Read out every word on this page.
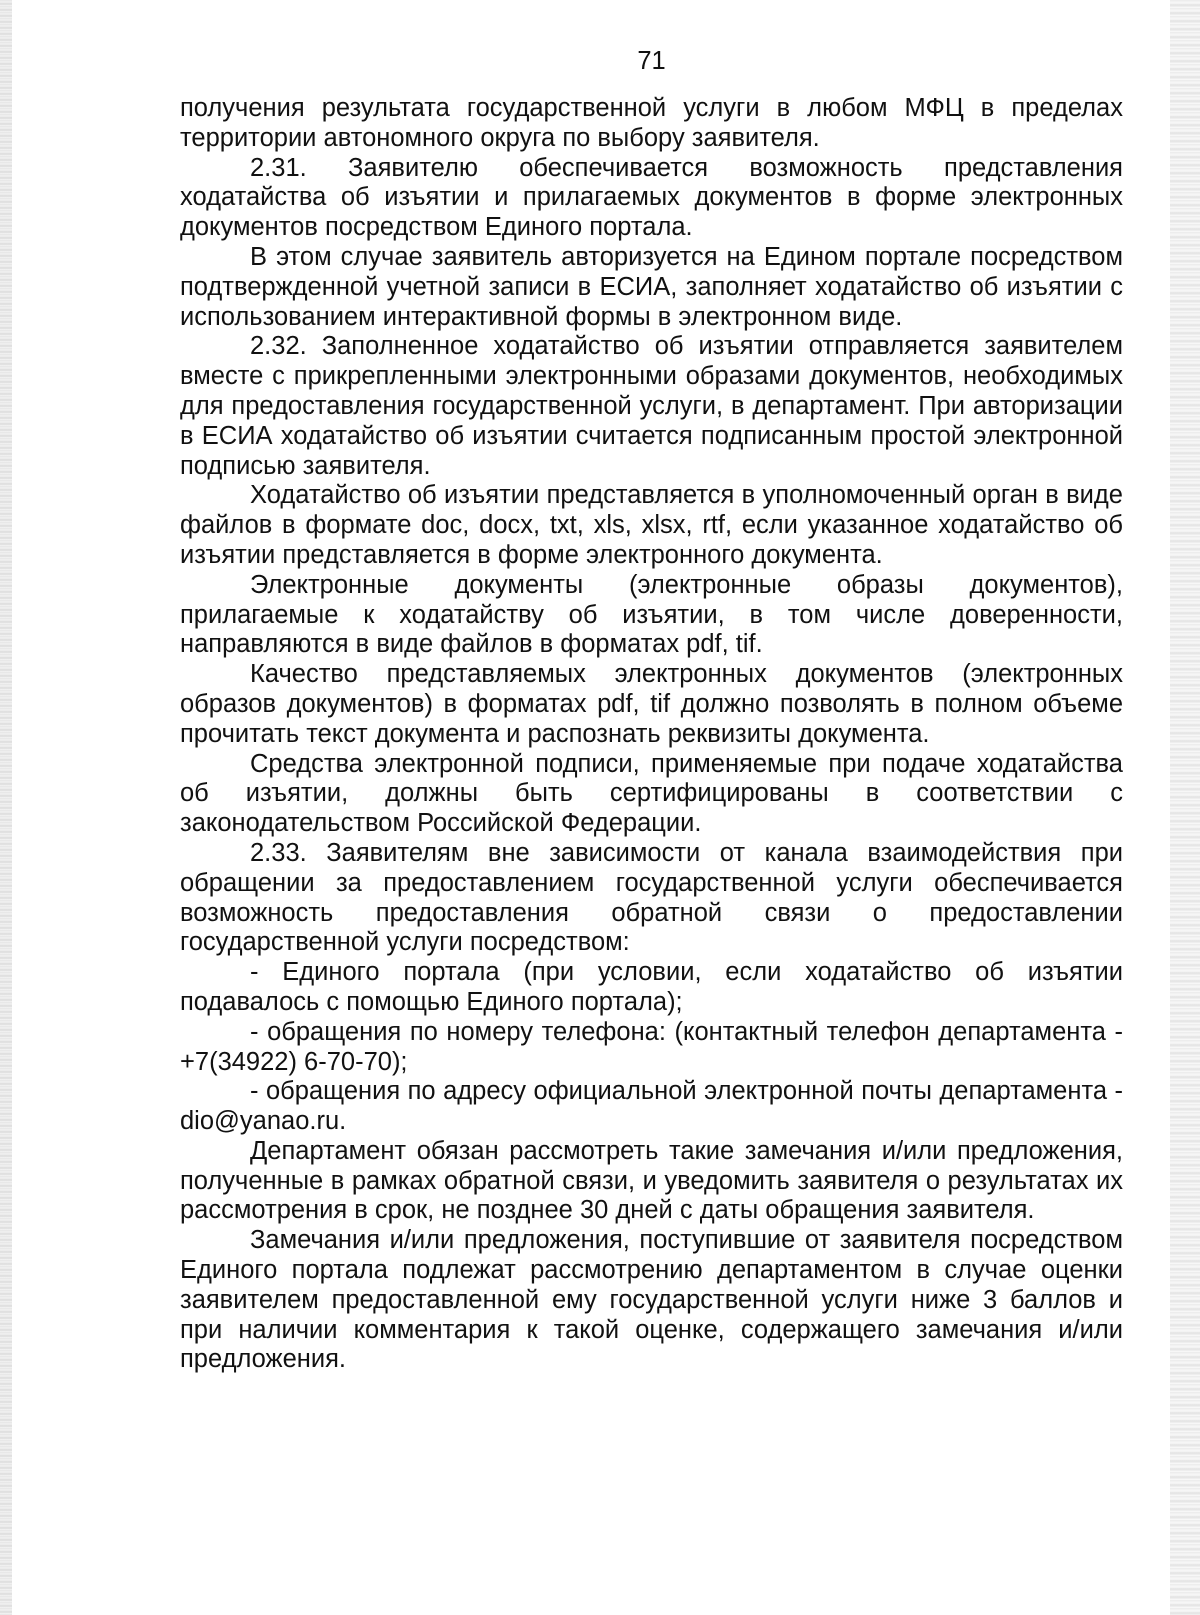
71

получения результата государственной услуги в любом МФЦ в пределах территории автономного округа по выбору заявителя.

2.31. Заявителю обеспечивается возможность представления ходатайства об изъятии и прилагаемых документов в форме электронных документов посредством Единого портала.

В этом случае заявитель авторизуется на Едином портале посредством подтвержденной учетной записи в ЕСИА, заполняет ходатайство об изъятии с использованием интерактивной формы в электронном виде.

2.32. Заполненное ходатайство об изъятии отправляется заявителем вместе с прикрепленными электронными образами документов, необходимых для предоставления государственной услуги, в департамент. При авторизации в ЕСИА ходатайство об изъятии считается подписанным простой электронной подписью заявителя.

Ходатайство об изъятии представляется в уполномоченный орган в виде файлов в формате doc, docx, txt, xls, xlsx, rtf, если указанное ходатайство об изъятии представляется в форме электронного документа.

Электронные документы (электронные образы документов), прилагаемые к ходатайству об изъятии, в том числе доверенности, направляются в виде файлов в форматах pdf, tif.

Качество представляемых электронных документов (электронных образов документов) в форматах pdf, tif должно позволять в полном объеме прочитать текст документа и распознать реквизиты документа.

Средства электронной подписи, применяемые при подаче ходатайства об изъятии, должны быть сертифицированы в соответствии с законодательством Российской Федерации.

2.33. Заявителям вне зависимости от канала взаимодействия при обращении за предоставлением государственной услуги обеспечивается возможность предоставления обратной связи о предоставлении государственной услуги посредством:

- Единого портала (при условии, если ходатайство об изъятии подавалось с помощью Единого портала);

- обращения по номеру телефона: (контактный телефон департамента - +7(34922) 6-70-70);

- обращения по адресу официальной электронной почты департамента - dio@yanao.ru.

Департамент обязан рассмотреть такие замечания и/или предложения, полученные в рамках обратной связи, и уведомить заявителя о результатах их рассмотрения в срок, не позднее 30 дней с даты обращения заявителя.

Замечания и/или предложения, поступившие от заявителя посредством Единого портала подлежат рассмотрению департаментом в случае оценки заявителем предоставленной ему государственной услуги ниже 3 баллов и при наличии комментария к такой оценке, содержащего замечания и/или предложения.
